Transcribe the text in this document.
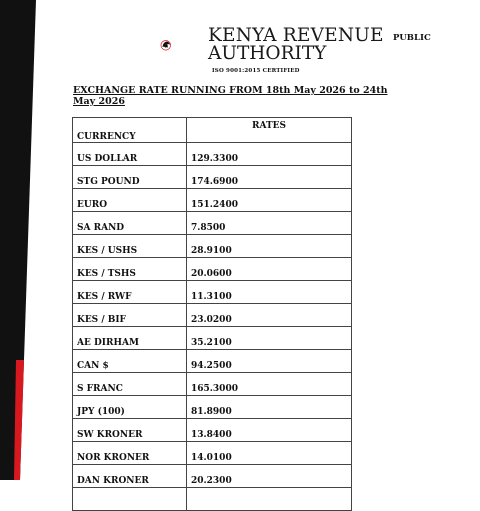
KENYA REVENUE
AUTHORITY
ISO 9001:2015 CERTIFIED
PUBLIC
EXCHANGE RATE RUNNING FROM 18th May 2026 to 24th May 2026
CURRENCY	RATES
US DOLLAR	129.3300
STG POUND	174.6900
EURO	151.2400
SA RAND	7.8500
KES / USHS	28.9100
KES / TSHS	20.0600
KES / RWF	11.3100
KES / BIF	23.0200
AE DIRHAM	35.2100
CAN $	94.2500
S FRANC	165.3000
JPY (100)	81.8900
SW KRONER	13.8400
NOR KRONER	14.0100
DAN KRONER	20.2300
